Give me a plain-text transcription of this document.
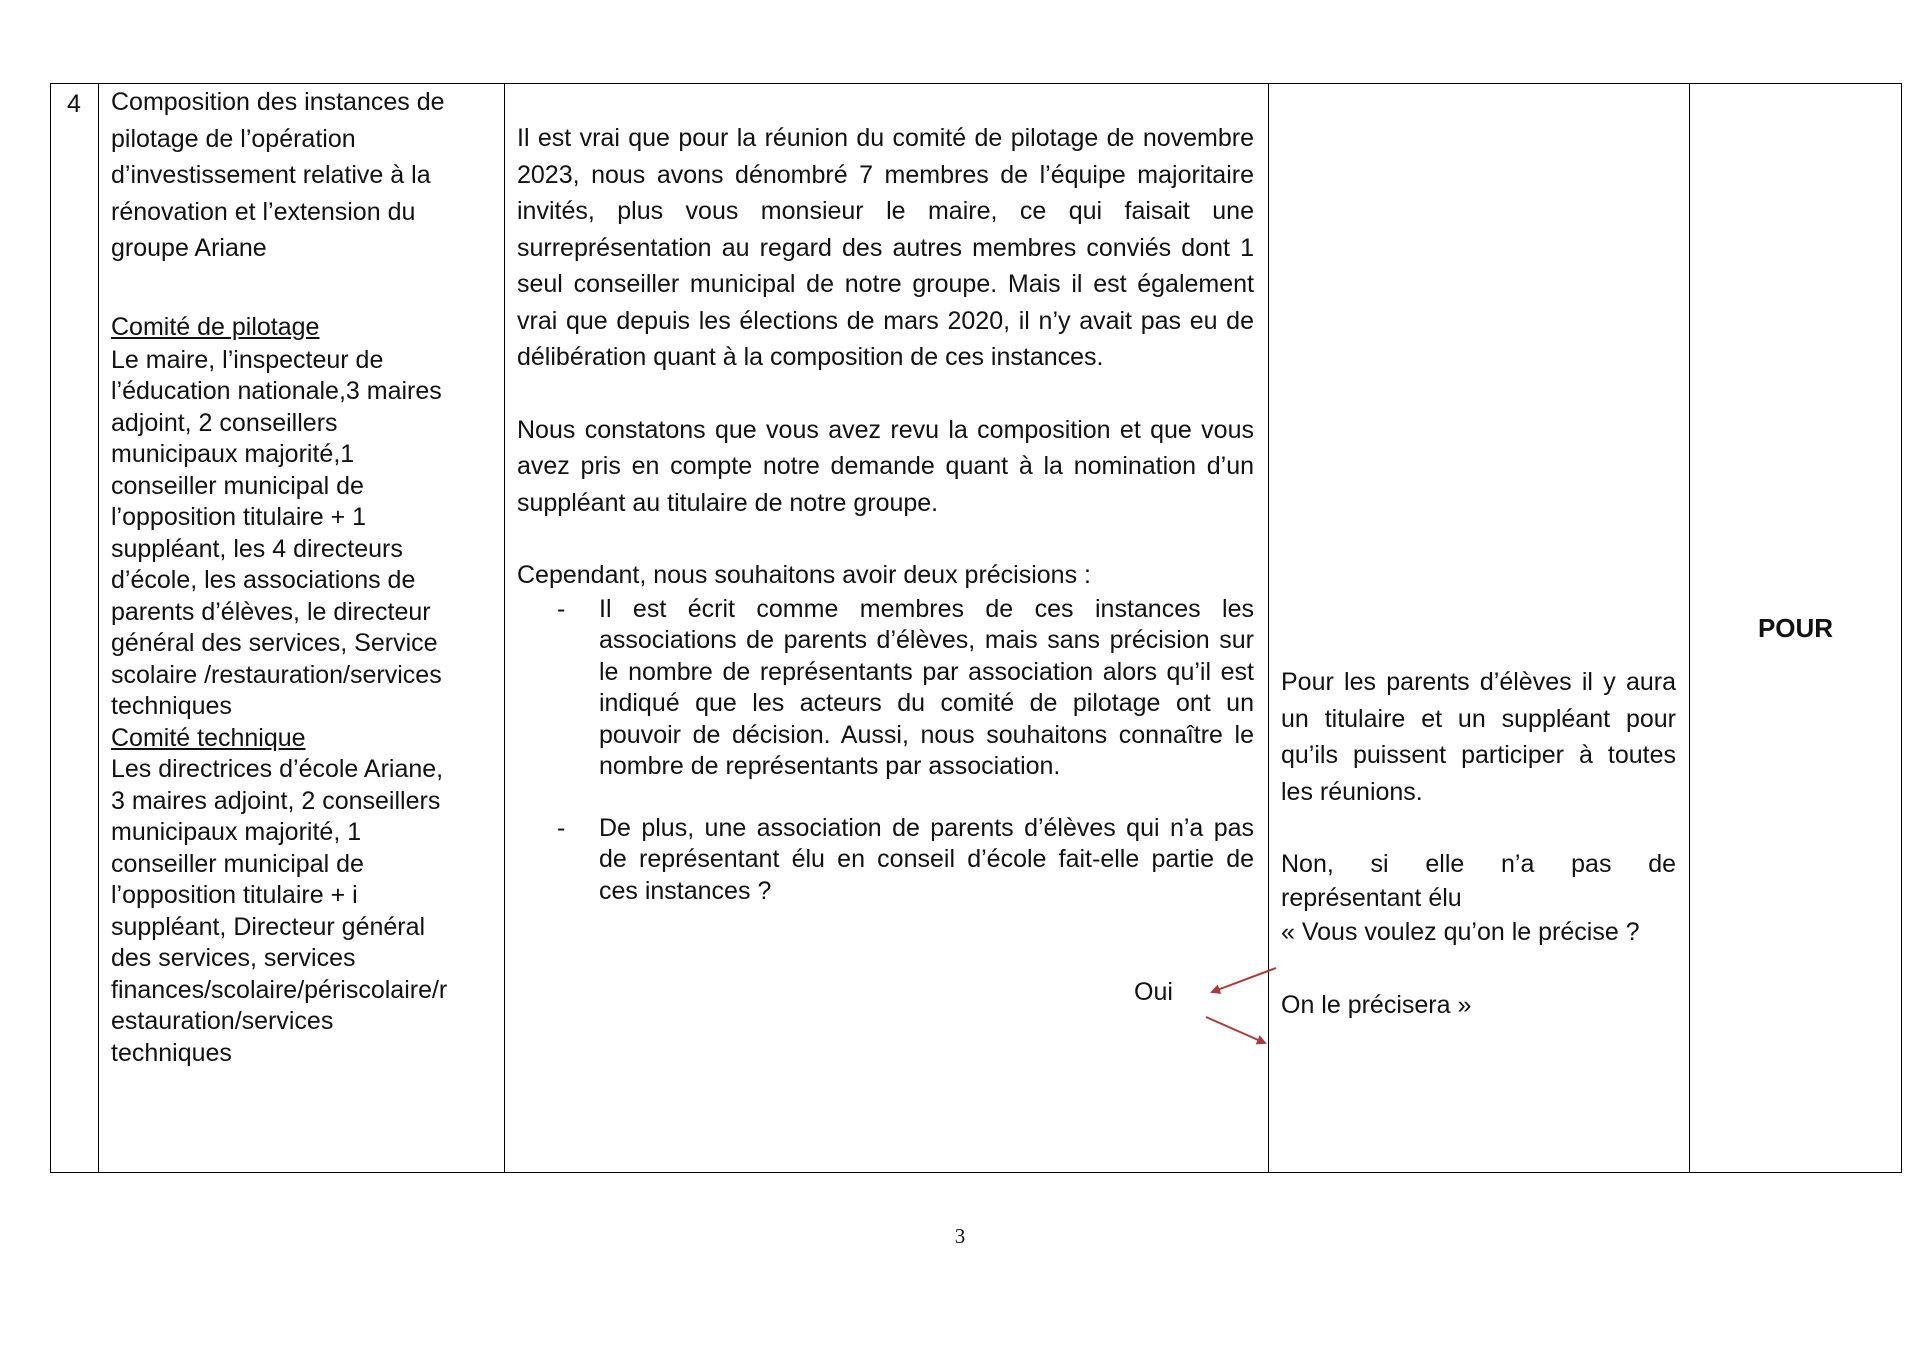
4	Composition des instances de
pilotage de l’opération
d’investissement relative à la
rénovation et l’extension du
groupe Ariane
Comité de pilotage
Le maire, l’inspecteur de
l’éducation nationale,3 maires
adjoint, 2 conseillers
municipaux majorité,1
conseiller municipal de
l’opposition titulaire + 1
suppléant, les 4 directeurs
d’école, les associations de
parents d’élèves, le directeur
général des services, Service
scolaire /restauration/services
techniques
Comité technique
Les directrices d’école Ariane,
3 maires adjoint, 2 conseillers
municipaux majorité, 1
conseiller municipal de
l’opposition titulaire + i
suppléant, Directeur général
des services, services
finances/scolaire/périscolaire/r
estauration/services
techniques

Il est vrai que pour la réunion du comité de pilotage de novembre 2023, nous avons dénombré 7 membres de l’équipe majoritaire invités, plus vous monsieur le maire, ce qui faisait une surreprésentation au regard des autres membres conviés dont 1 seul conseiller municipal de notre groupe. Mais il est également vrai que depuis les élections de mars 2020, il n’y avait pas eu de délibération quant à la composition de ces instances.

Nous constatons que vous avez revu la composition et que vous avez pris en compte notre demande quant à la nomination d’un suppléant au titulaire de notre groupe.

Cependant, nous souhaitons avoir deux précisions :

- Il est écrit comme membres de ces instances les associations de parents d’élèves, mais sans précision sur le nombre de représentants par association alors qu’il est indiqué que les acteurs du comité de pilotage ont un pouvoir de décision. Aussi, nous souhaitons connaître le nombre de représentants par association.
- De plus, une association de parents d’élèves qui n’a pas de représentant élu en conseil d’école fait-elle partie de ces instances ?
Oui

Pour les parents d’élèves il y aura un titulaire et un suppléant pour qu’ils puissent participer à toutes les réunions.

Non, si elle n’a pas de

représentant élu

« Vous voulez qu’on le précise ?

On le précisera »

POUR
3
